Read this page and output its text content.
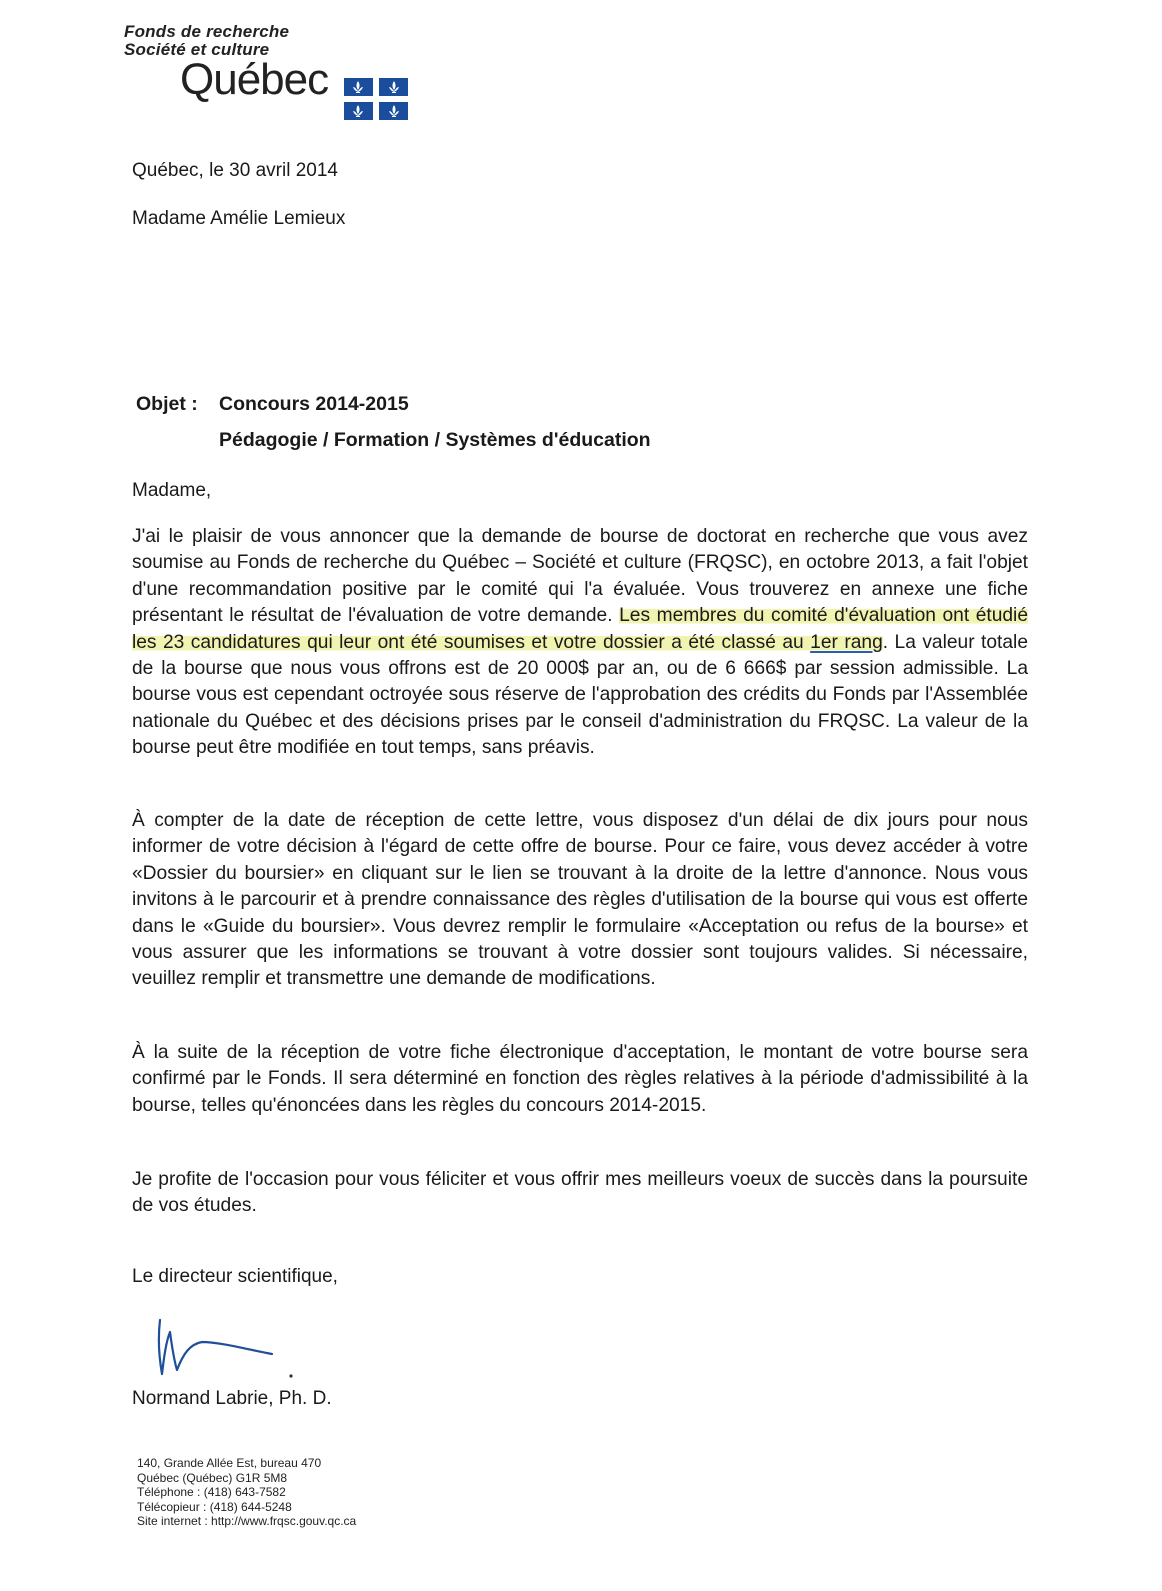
Fonds de recherche
Société et culture
Québec
Québec, le 30 avril 2014
Madame Amélie Lemieux
Objet : Concours 2014-2015
Pédagogie / Formation / Systèmes d'éducation
Madame,

J'ai le plaisir de vous annoncer que la demande de bourse de doctorat en recherche que vous avez soumise au Fonds de recherche du Québec – Société et culture (FRQSC), en octobre 2013, a fait l'objet d'une recommandation positive par le comité qui l'a évaluée. Vous trouverez en annexe une fiche présentant le résultat de l'évaluation de votre demande. Les membres du comité d'évaluation ont étudié les 23 candidatures qui leur ont été soumises et votre dossier a été classé au 1er rang. La valeur totale de la bourse que nous vous offrons est de 20 000$ par an, ou de 6 666$ par session admissible. La bourse vous est cependant octroyée sous réserve de l'approbation des crédits du Fonds par l'Assemblée nationale du Québec et des décisions prises par le conseil d'administration du FRQSC. La valeur de la bourse peut être modifiée en tout temps, sans préavis.

À compter de la date de réception de cette lettre, vous disposez d'un délai de dix jours pour nous informer de votre décision à l'égard de cette offre de bourse. Pour ce faire, vous devez accéder à votre «Dossier du boursier» en cliquant sur le lien se trouvant à la droite de la lettre d'annonce. Nous vous invitons à le parcourir et à prendre connaissance des règles d'utilisation de la bourse qui vous est offerte dans le «Guide du boursier». Vous devrez remplir le formulaire «Acceptation ou refus de la bourse» et vous assurer que les informations se trouvant à votre dossier sont toujours valides. Si nécessaire, veuillez remplir et transmettre une demande de modifications.

À la suite de la réception de votre fiche électronique d'acceptation, le montant de votre bourse sera confirmé par le Fonds. Il sera déterminé en fonction des règles relatives à la période d'admissibilité à la bourse, telles qu'énoncées dans les règles du concours 2014-2015.

Je profite de l'occasion pour vous féliciter et vous offrir mes meilleurs voeux de succès dans la poursuite de vos études.

Le directeur scientifique,
Normand Labrie, Ph. D.
140, Grande Allée Est, bureau 470
Québec (Québec) G1R 5M8
Téléphone : (418) 643-7582
Télécopieur : (418) 644-5248
Site internet : http://www.frqsc.gouv.qc.ca
